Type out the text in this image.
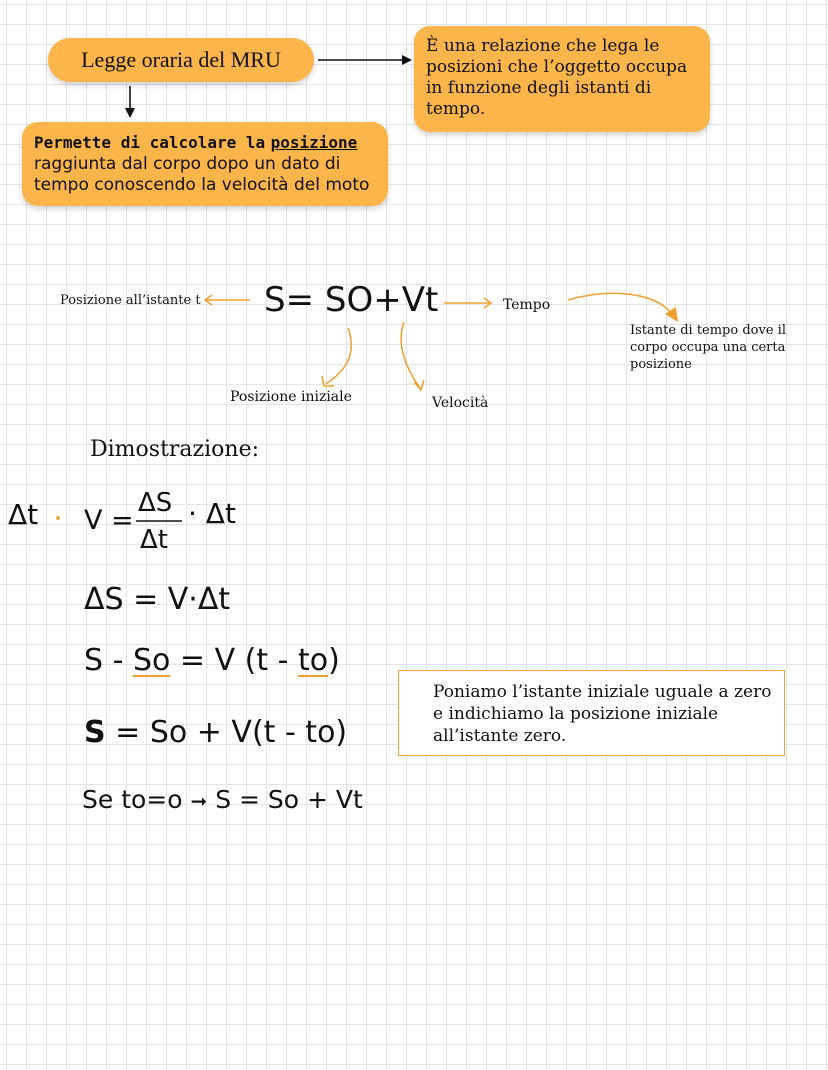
Legge oraria del MRU
È una relazione che lega le posizioni che l’oggetto occupa in funzione degli istanti di tempo.
Permette di calcolare la posizione
raggiunta dal corpo dopo un dato di tempo conoscendo la velocità del moto
Posizione all’istante t S= SO+Vt	Tempo
Istante di tempo dove il corpo occupa una certa posizione
Posizione iniziale	Velocità
Dimostrazione:
Δt · V =
ΔS
Δt
· Δt
ΔS = V·Δt
S - So = V (t - to)
S = So + V(t - to)
Se to=o ➞ S = So + Vt
Poniamo l’istante iniziale uguale a zero e indichiamo la posizione iniziale all’istante zero.
